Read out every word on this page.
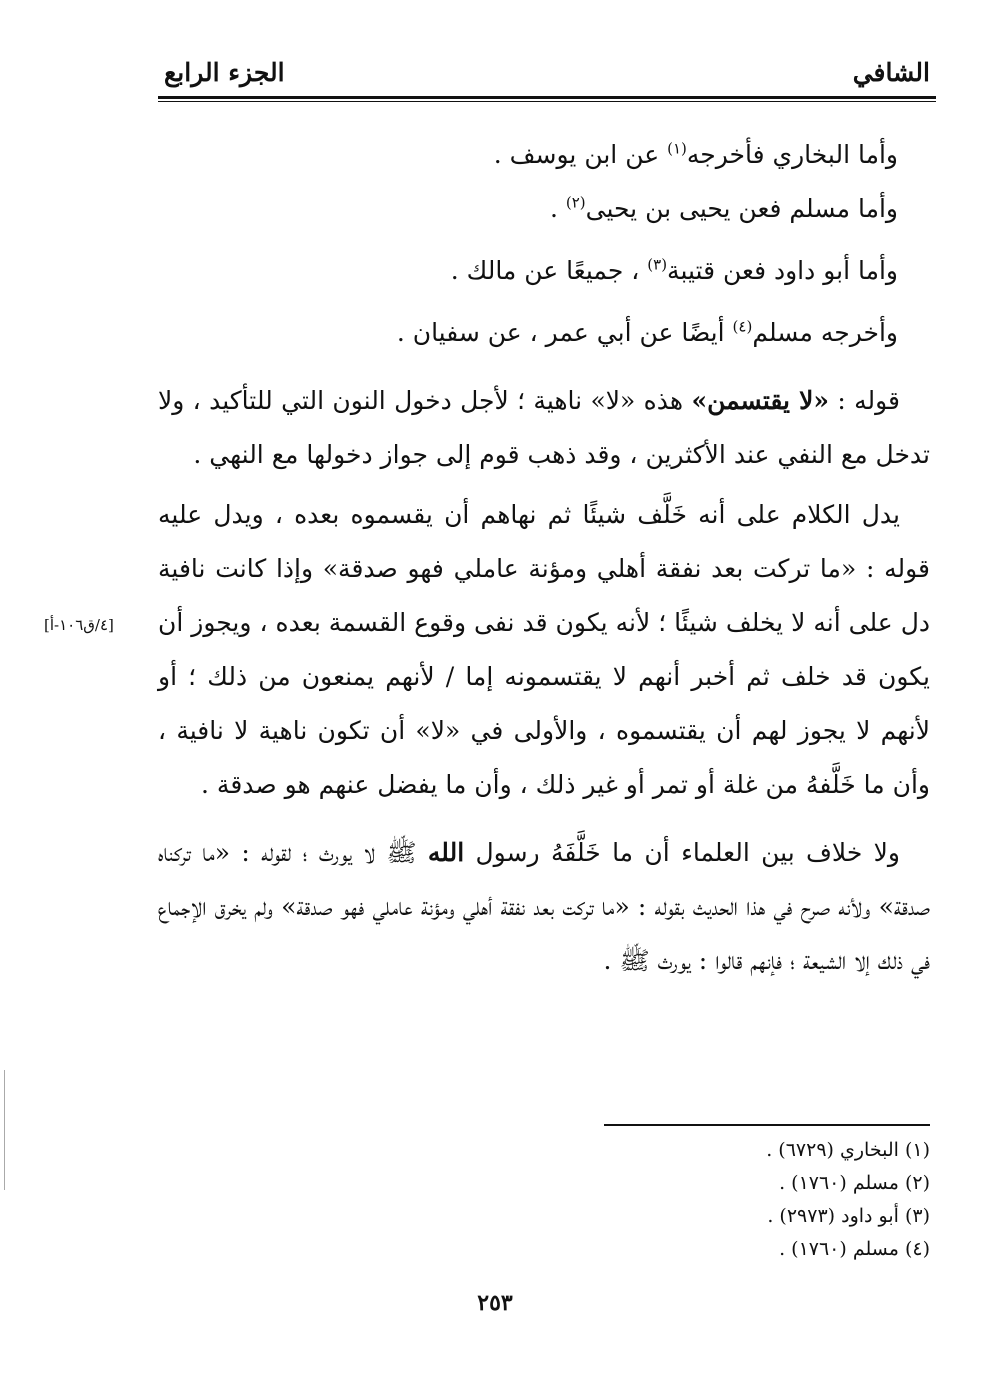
الشافي
الجزء الرابع

وأما البخاري فأخرجه$^{(١)}$ عن ابن يوسف .

وأما مسلم فعن يحيى بن يحيى$^{(٢)}$ .

وأما أبو داود فعن قتيبة$^{(٣)}$ ، جميعًا عن مالك .

وأخرجه مسلم$^{(٤)}$ أيضًا عن أبي عمر ، عن سفيان .

قوله : «لا يقتسمن» هذه «لا» ناهية ؛ لأجل دخول النون التي للتأكيد ، ولا تدخل مع النفي عند الأكثرين ، وقد ذهب قوم إلى جواز دخولها مع النهي .

يدل الكلام على أنه خَلَّف شيئًا ثم نهاهم أن يقسموه بعده ، ويدل عليه قوله : «ما تركت بعد نفقة أهلي ومؤنة عاملي فهو صدقة» وإذا كانت نافية دل على أنه لا يخلف شيئًا ؛ لأنه يكون قد نفى وقوع القسمة بعده ، ويجوز أن يكون قد خلف ثم أخبر أنهم لا يقتسمونه إما / لأنهم يمنعون من ذلك ؛ أو لأنهم لا يجوز لهم أن يقتسموه ، والأولى في «لا» أن تكون ناهية لا نافية ، وأن ما خَلَّفهُ من غلة أو تمر أو غير ذلك ، وأن ما يفضل عنهم هو صدقة .

ولا خلاف بين العلماء أن ما خَلَّفَهُ رسول الله ﷺ لا يورث ؛ لقوله : «ما تركناه صدقة» ولأنه صرح في هذا الحديث بقوله : «ما تركت بعد نفقة أهلي ومؤنة عاملي فهو صدقة» ولم يخرق الإجماع في ذلك إلا الشيعة ؛ فإنهم قالوا : يورث ﷺ .

[٤/ق١٠٦-أ]
(١) البخاري (٦٧٢٩) .
(٢) مسلم (١٧٦٠) .
(٣) أبو داود (٢٩٧٣) .
(٤) مسلم (١٧٦٠) .
٢٥٣
